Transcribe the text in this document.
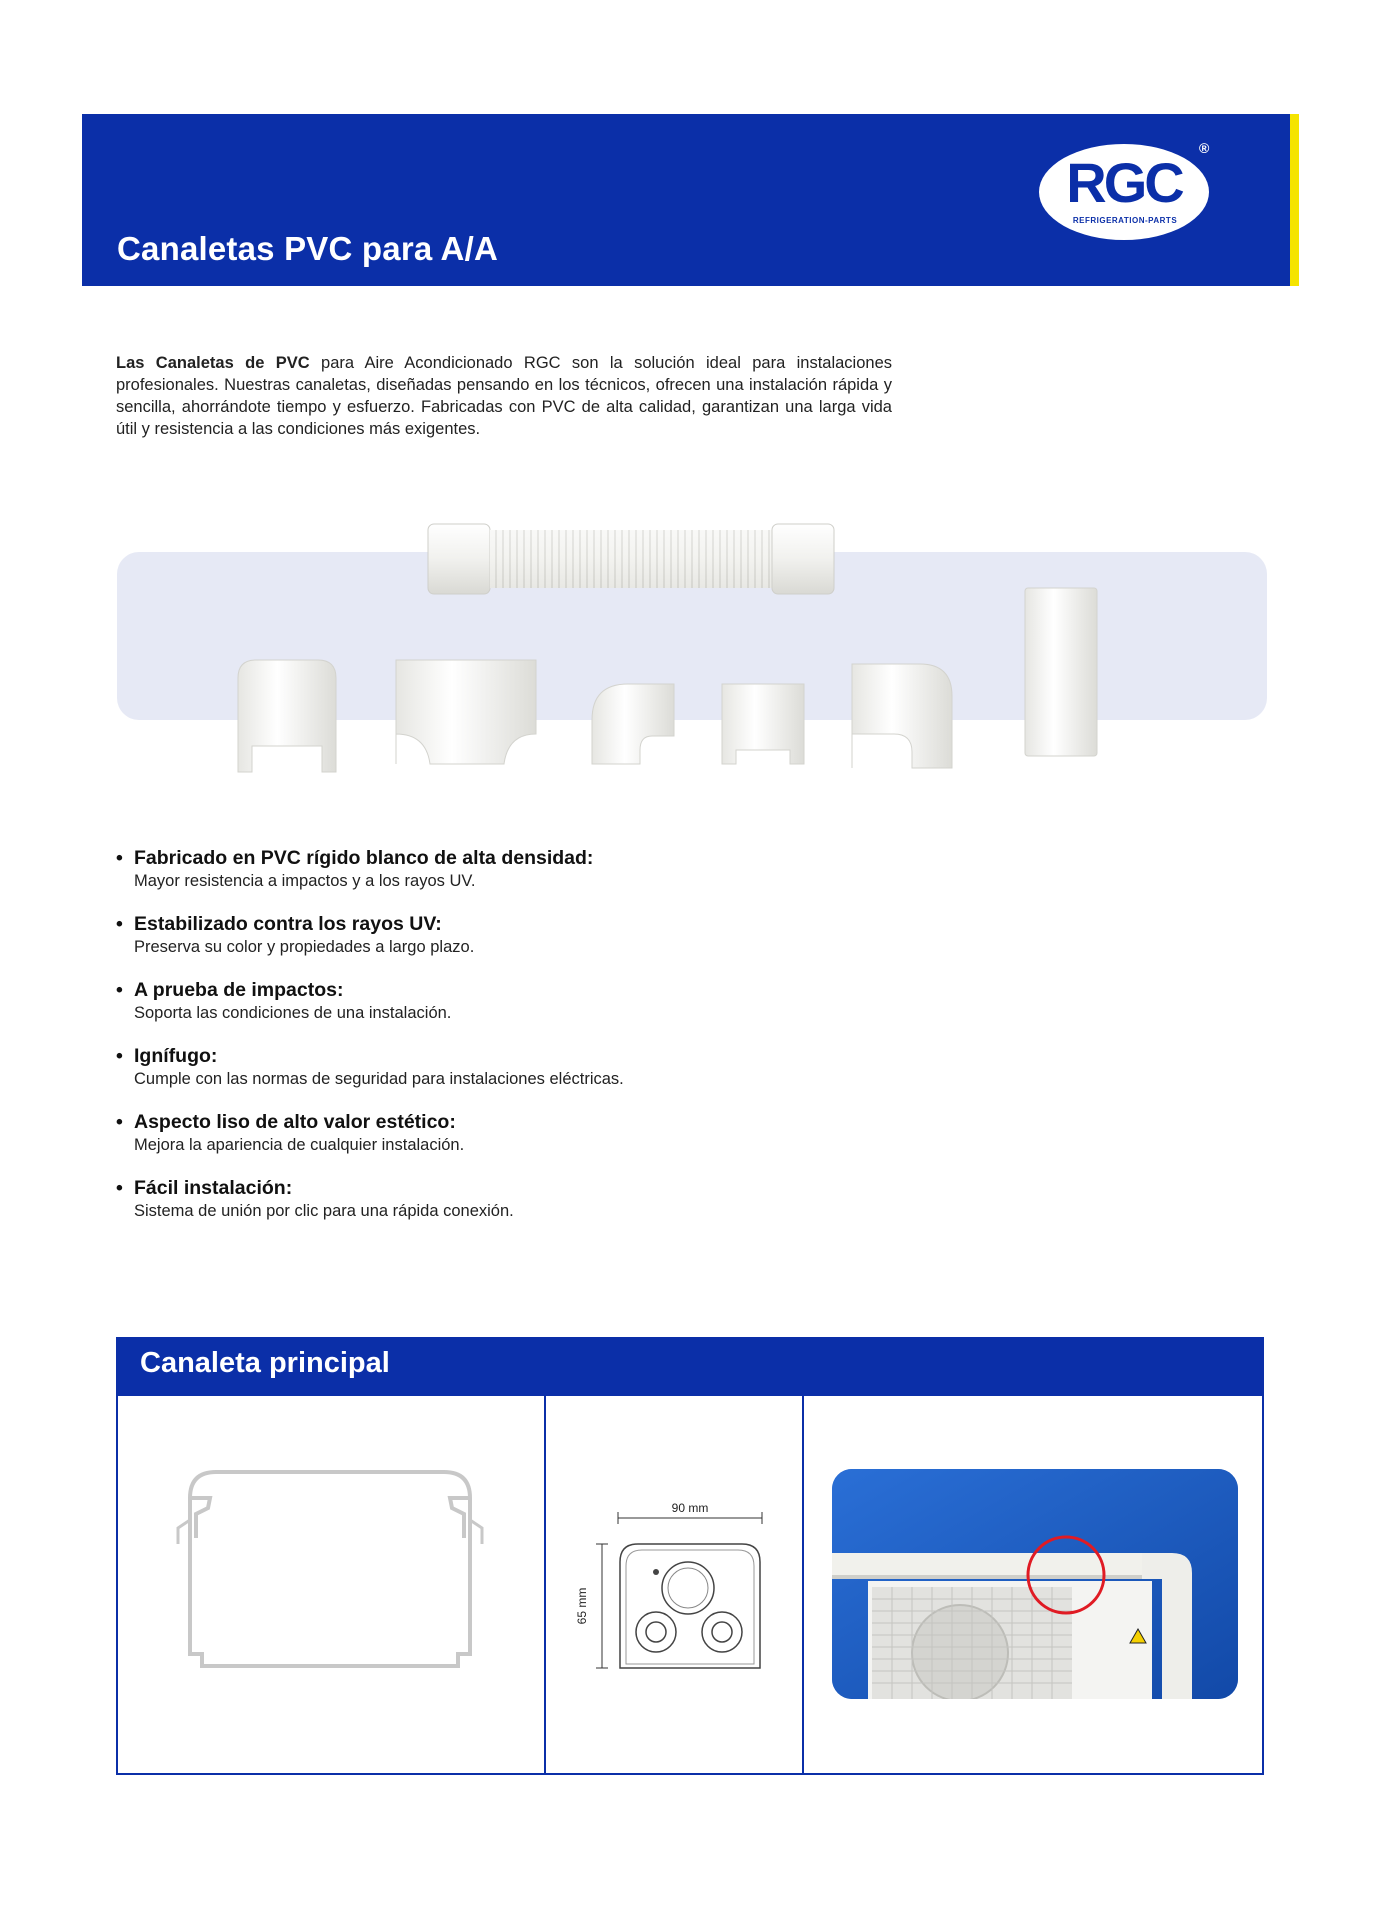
Canaletas PVC para A/A
RGC
REFRIGERATION-PARTS
®

Las Canaletas de PVC para Aire Acondicionado RGC son la solución ideal para instalaciones profesionales. Nuestras canaletas, diseñadas pensando en los técnicos, ofrecen una instalación rápida y sencilla, ahorrándote tiempo y esfuerzo. Fabricadas con PVC de alta calidad, garantizan una larga vida útil y resistencia a las condiciones más exigentes.

• Fabricado en PVC rígido blanco de alta densidad:
Mayor resistencia a impactos y a los rayos UV.
• Estabilizado contra los rayos UV:
Preserva su color y propiedades a largo plazo.
• A prueba de impactos:
Soporta las condiciones de una instalación.
• Ignífugo:
Cumple con las normas de seguridad para instalaciones eléctricas.
• Aspecto liso de alto valor estético:
Mejora la apariencia de cualquier instalación.
• Fácil instalación:
Sistema de unión por clic para una rápida conexión.
Canaleta principal
90 mm
65 mm
